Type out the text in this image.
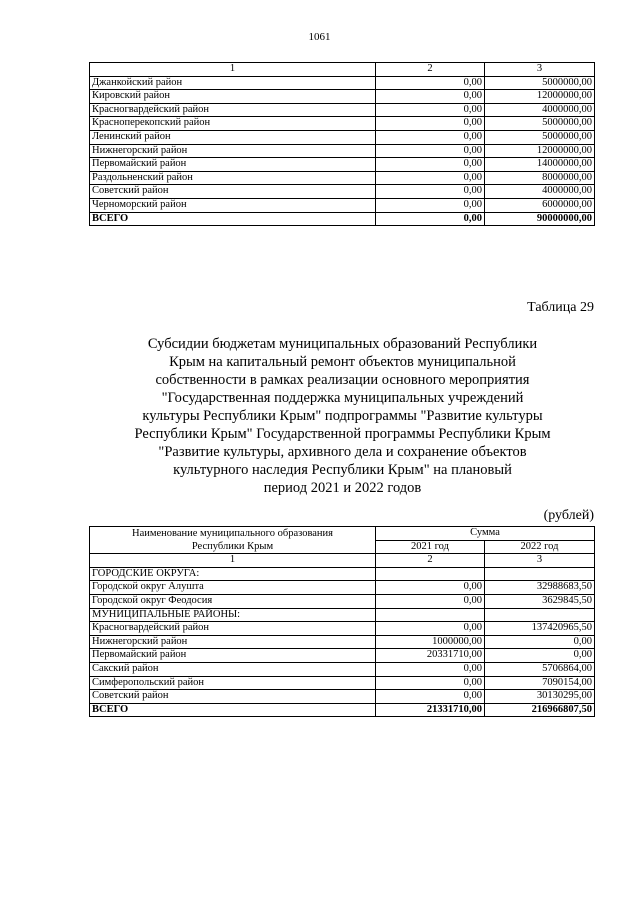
1061
1	2	3
Джанкойский район	0,00	5000000,00
Кировский район	0,00	12000000,00
Красногвардейский район	0,00	4000000,00
Красноперекопский район	0,00	5000000,00
Ленинский район	0,00	5000000,00
Нижнегорский район	0,00	12000000,00
Первомайский район	0,00	14000000,00
Раздольненский район	0,00	8000000,00
Советский район	0,00	4000000,00
Черноморский район	0,00	6000000,00
ВСЕГО	0,00	90000000,00
Таблица 29
Субсидии бюджетам муниципальных образований Республики
Крым на капитальный ремонт объектов муниципальной
собственности в рамках реализации основного мероприятия
"Государственная поддержка муниципальных учреждений
культуры Республики Крым" подпрограммы "Развитие культуры
Республики Крым" Государственной программы Республики Крым
"Развитие культуры, архивного дела и сохранение объектов
культурного наследия Республики Крым" на плановый
период 2021 и 2022 годов
(рублей)
Наименование муниципального образования
Республики Крым	Сумма	
	2021 год	2022 год
1	2	3
ГОРОДСКИЕ ОКРУГА:		
Городской округ Алушта	0,00	32988683,50
Городской округ Феодосия	0,00	3629845,50
МУНИЦИПАЛЬНЫЕ РАЙОНЫ:		
Красногвардейский район	0,00	137420965,50
Нижнегорский район	1000000,00	0,00
Первомайский район	20331710,00	0,00
Сакский район	0,00	5706864,00
Симферопольский район	0,00	7090154,00
Советский район	0,00	30130295,00
ВСЕГО	21331710,00	216966807,50
